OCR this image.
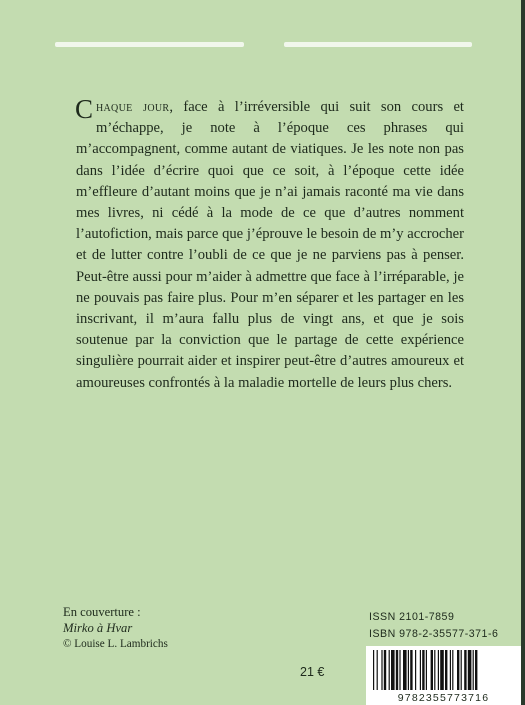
Chaque jour, face à l’irréversible qui suit son cours et m’échappe, je note à l’époque ces phrases qui m’accompagnent, comme autant de viatiques. Je les note non pas dans l’idée d’écrire quoi que ce soit, à l’époque cette idée m’effleure d’autant moins que je n’ai jamais raconté ma vie dans mes livres, ni cédé à la mode de ce que d’autres nomment l’autofiction, mais parce que j’éprouve le besoin de m’y accrocher et de lutter contre l’oubli de ce que je ne parviens pas à penser. Peut-être aussi pour m’aider à admettre que face à l’irréparable, je ne pouvais pas faire plus. Pour m’en séparer et les partager en les inscrivant, il m’aura fallu plus de vingt ans, et que je sois soutenue par la conviction que le partage de cette expérience singulière pourrait aider et inspirer peut-être d’autres amoureux et amoureuses confrontés à la maladie mortelle de leurs plus chers.

En couverture :
Mirko à Hvar
© Louise L. Lambrichs
21 €
ISSN 2101-7859
ISBN 978-2-35577-371-6
9782355773716
